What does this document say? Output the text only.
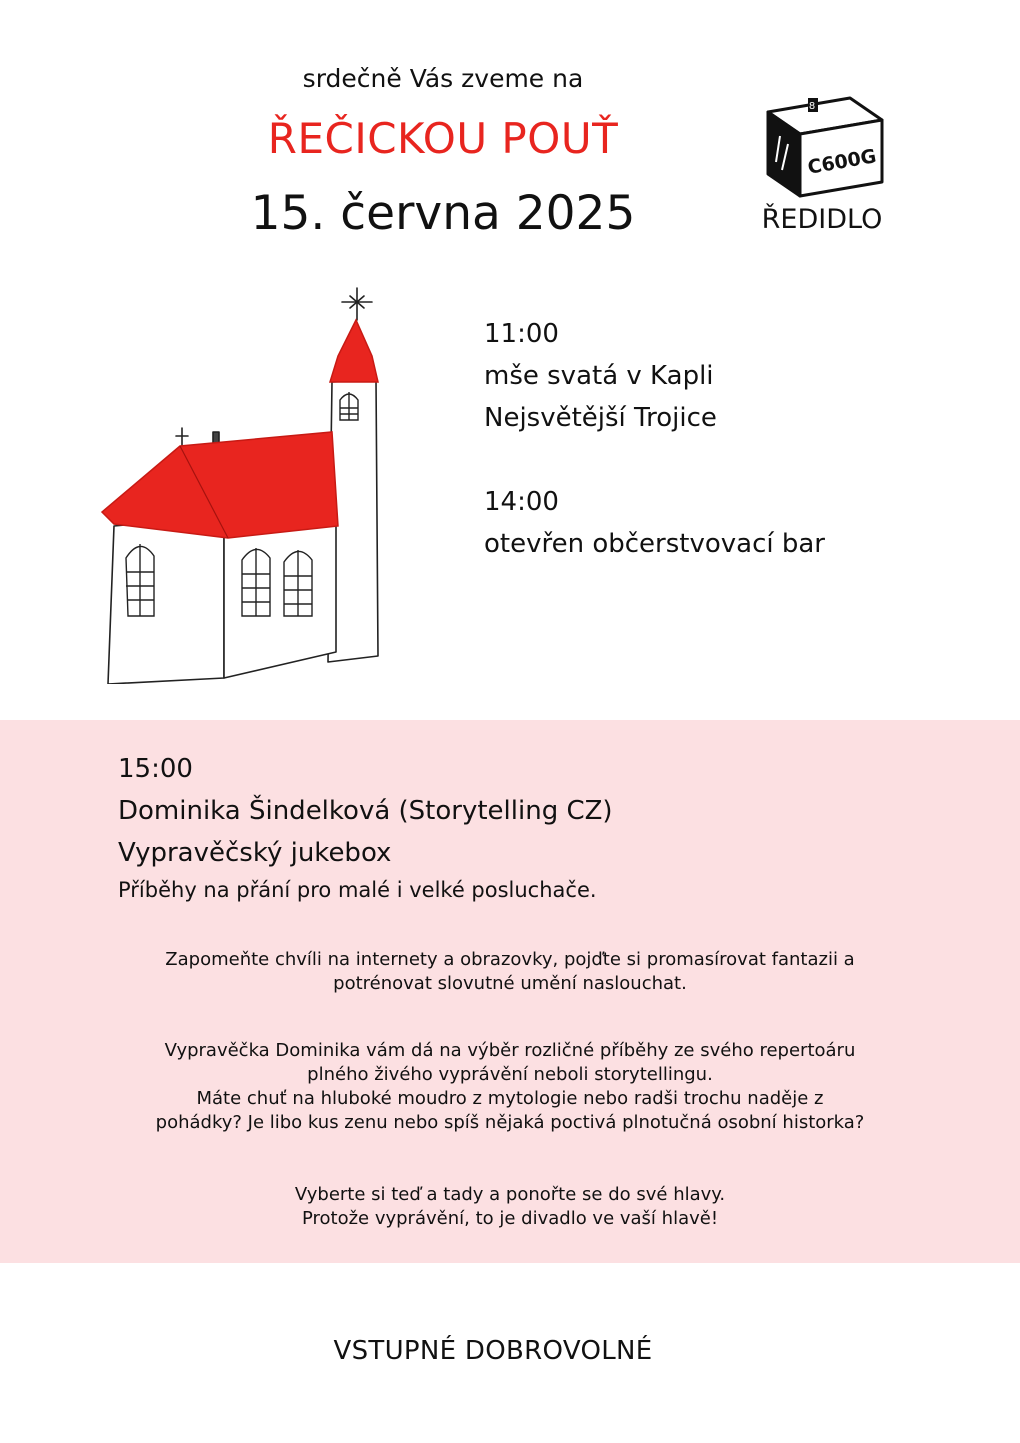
srdečně Vás zveme na
ŘEČICKOU POUŤ
15. června 2025
8
C600G
ŘEDIDLO
11:00
mše svatá v Kapli
Nejsvětější Trojice
14:00
otevřen občerstvovací bar
15:00
Dominika Šindelková (Storytelling CZ)
Vypravěčský jukebox
Příběhy na přání pro malé i velké posluchače.
Zapomeňte chvíli na internety a obrazovky, pojďte si promasírovat fantazii a
potrénovat slovutné umění naslouchat.
Vypravěčka Dominika vám dá na výběr rozličné příběhy ze svého repertoáru
plného živého vyprávění neboli storytellingu.
Máte chuť na hluboké moudro z mytologie nebo radši trochu naděje z
pohádky? Je libo kus zenu nebo spíš nějaká poctivá plnotučná osobní historka?
Vyberte si teď a tady a ponořte se do své hlavy.
Protože vyprávění, to je divadlo ve vaší hlavě!
VSTUPNÉ DOBROVOLNÉ
